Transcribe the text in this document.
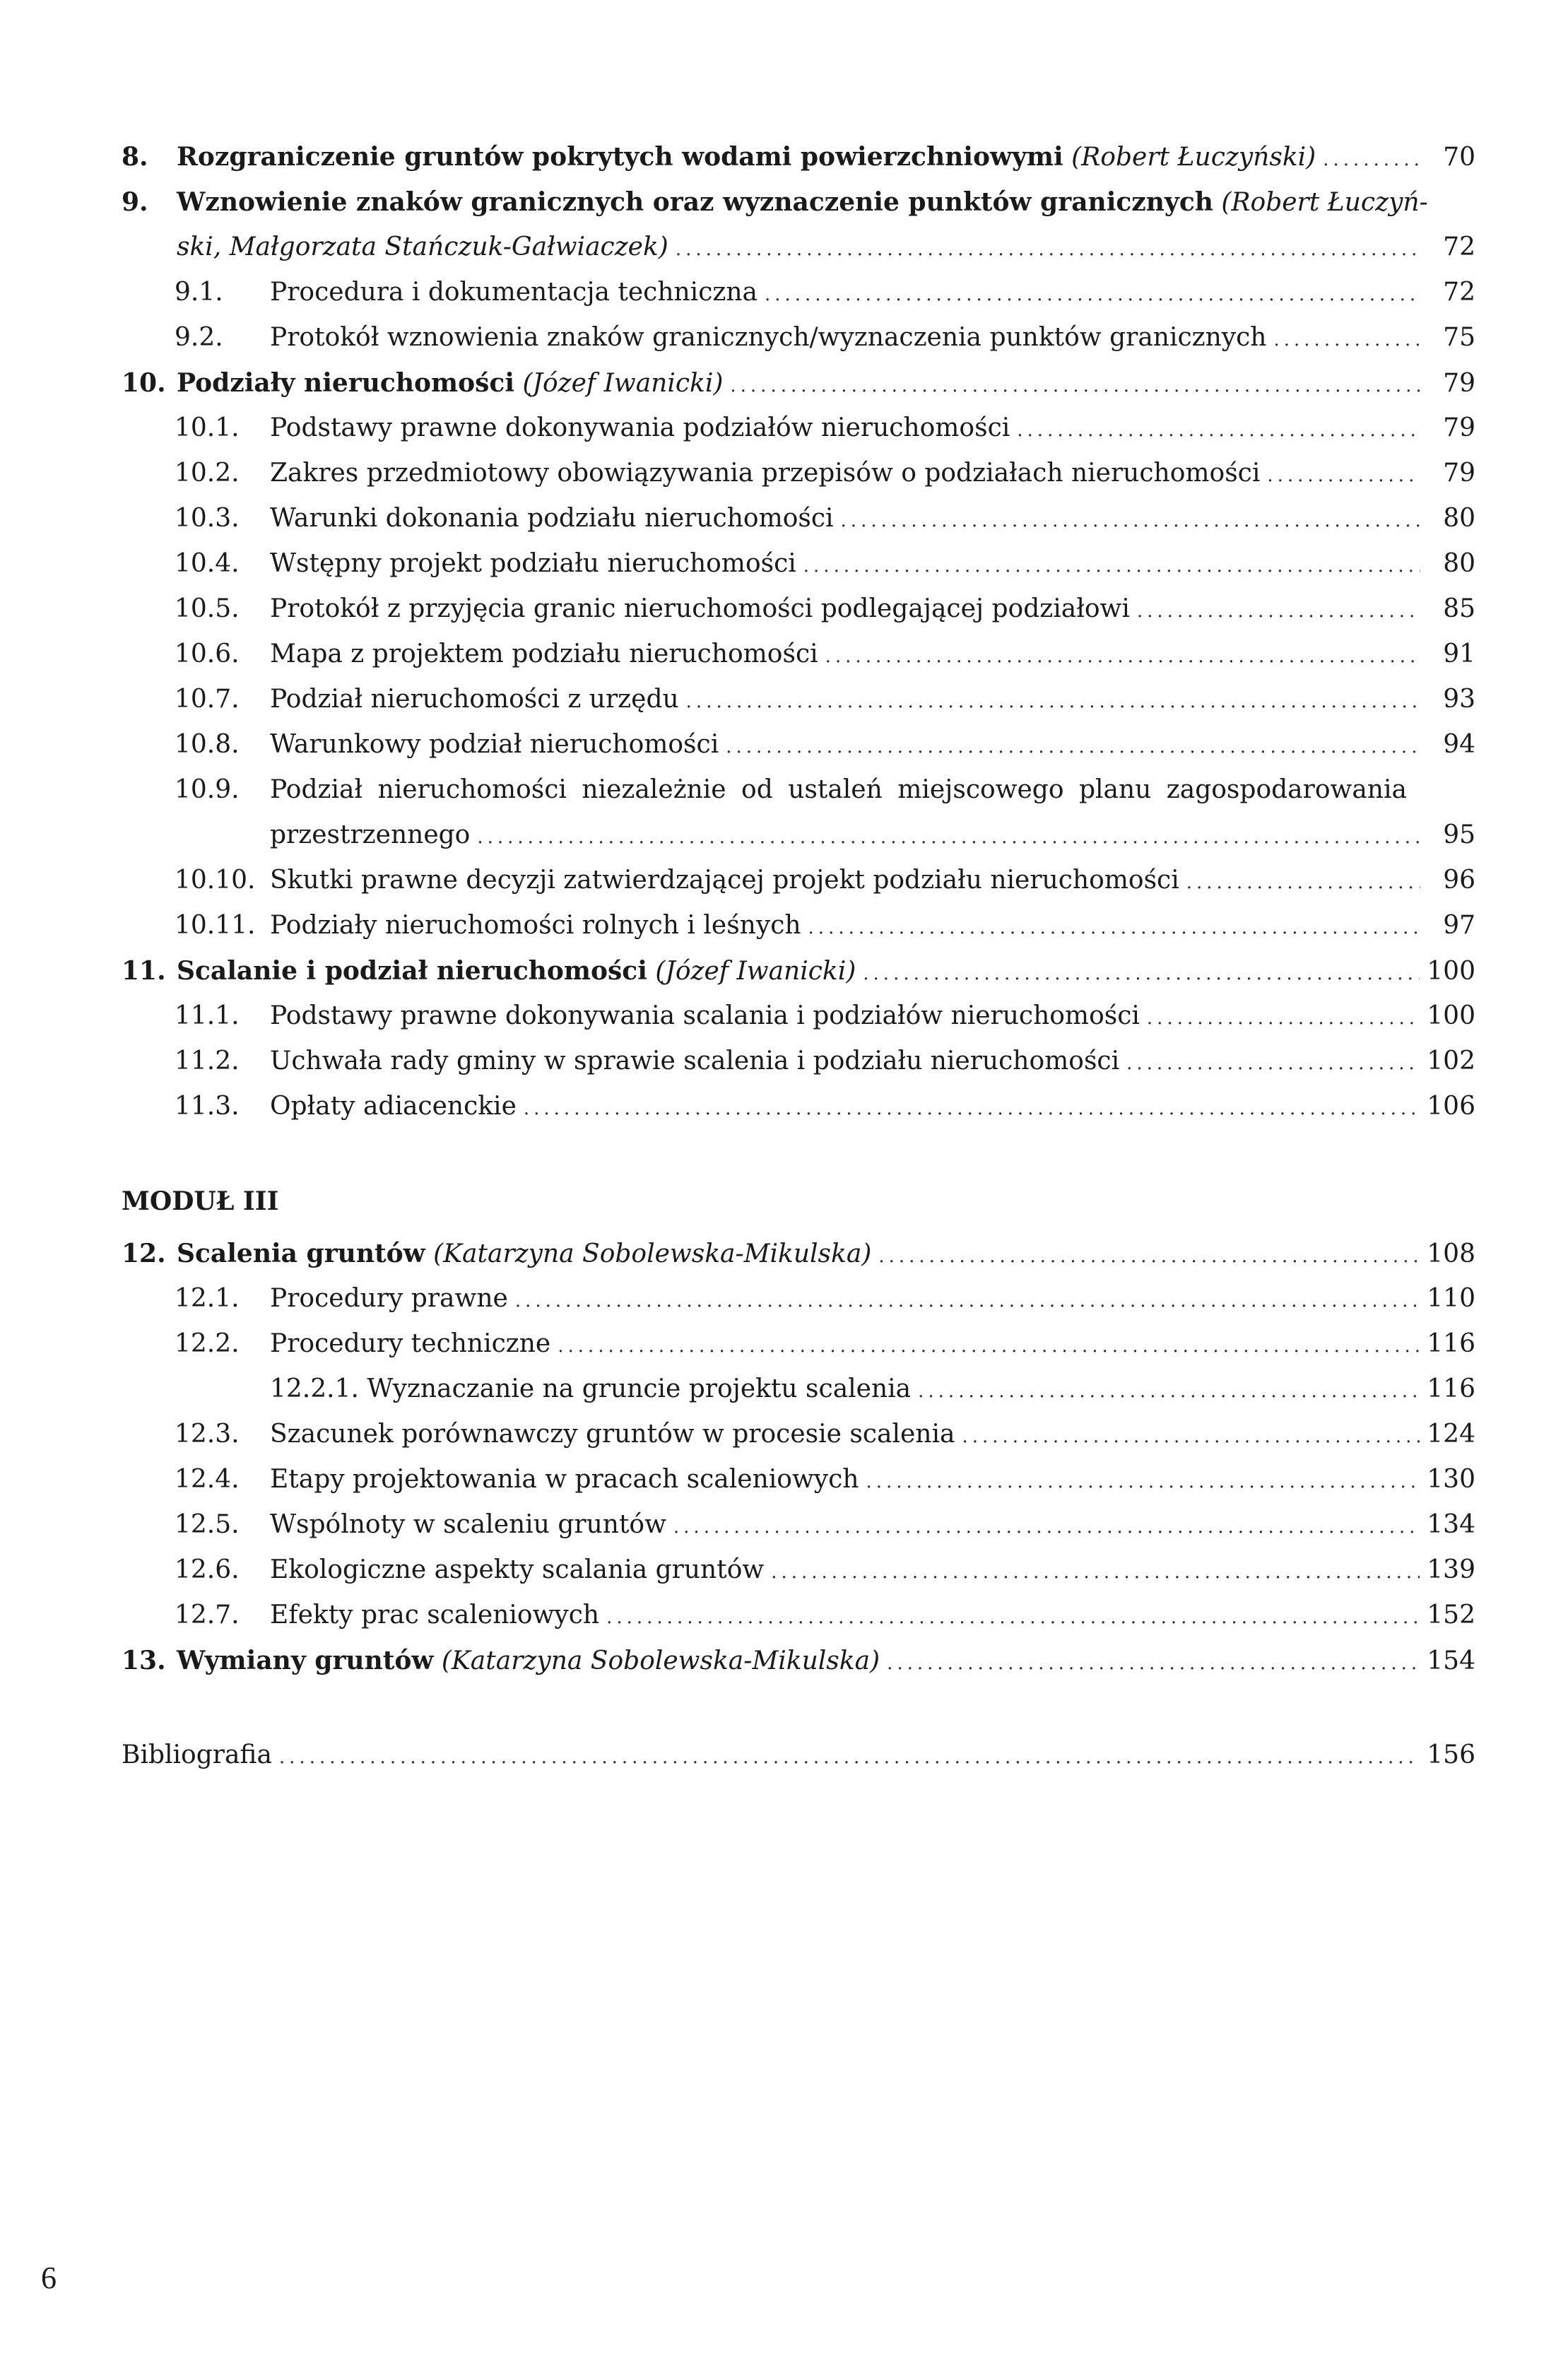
8. Rozgraniczenie gruntów pokrytych wodami powierzchniowymi (Robert Łuczyński) .....	70
9. Wznowienie znaków granicznych oraz wyznaczenie punktów granicznych (Robert Łuczyń-
ski, Małgorzata Stańczuk-Gałwiaczek) .....	72
9.1. Procedura i dokumentacja techniczna .....	72
9.2. Protokół wznowienia znaków granicznych/wyznaczenia punktów granicznych .....	75
10. Podziały nieruchomości (Józef Iwanicki) .....	79
10.1. Podstawy prawne dokonywania podziałów nieruchomości .....	79
10.2. Zakres przedmiotowy obowiązywania przepisów o podziałach nieruchomości .....	79
10.3. Warunki dokonania podziału nieruchomości .....	80
10.4. Wstępny projekt podziału nieruchomości .....	80
10.5. Protokół z przyjęcia granic nieruchomości podlegającej podziałowi .....	85
10.6. Mapa z projektem podziału nieruchomości .....	91
10.7. Podział nieruchomości z urzędu .....	93
10.8. Warunkowy podział nieruchomości .....	94
10.9. Podział nieruchomości niezależnie od ustaleń miejscowego planu zagospodarowania
przestrzennego .....	95
10.10. Skutki prawne decyzji zatwierdzającej projekt podziału nieruchomości .....	96
10.11. Podziały nieruchomości rolnych i leśnych .....	97
11. Scalanie i podział nieruchomości (Józef Iwanicki) .....	100
11.1. Podstawy prawne dokonywania scalania i podziałów nieruchomości .....	100
11.2. Uchwała rady gminy w sprawie scalenia i podziału nieruchomości .....	102
11.3. Opłaty adiacenckie .....	106
MODUŁ III
12. Scalenia gruntów (Katarzyna Sobolewska-Mikulska) .....	108
12.1. Procedury prawne .....	110
12.2. Procedury techniczne .....	116
12.2.1. Wyznaczanie na gruncie projektu scalenia .....	116
12.3. Szacunek porównawczy gruntów w procesie scalenia .....	124
12.4. Etapy projektowania w pracach scaleniowych .....	130
12.5. Wspólnoty w scaleniu gruntów .....	134
12.6. Ekologiczne aspekty scalania gruntów .....	139
12.7. Efekty prac scaleniowych .....	152
13. Wymiany gruntów (Katarzyna Sobolewska-Mikulska) .....	154
Bibliografia .....	156
6
